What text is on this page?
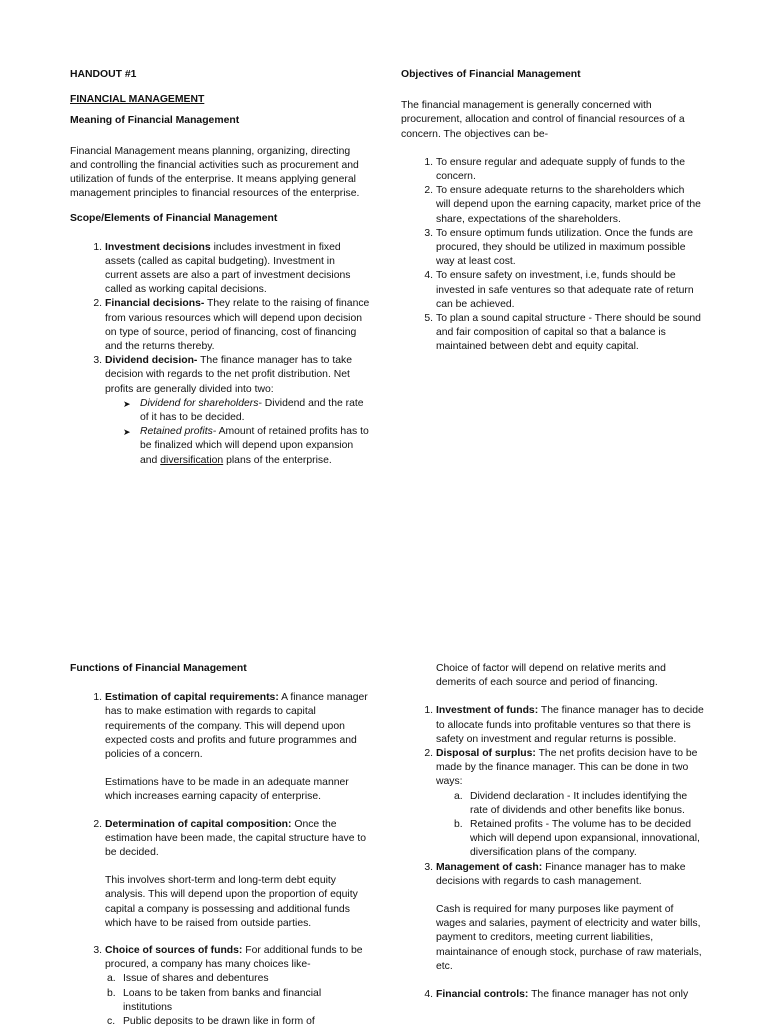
HANDOUT #1

FINANCIAL MANAGEMENT

Meaning of Financial Management

Financial Management means planning, organizing, directing and controlling the financial activities such as procurement and utilization of funds of the enterprise. It means applying general management principles to financial resources of the enterprise.

Scope/Elements of Financial Management

1. Investment decisions includes investment in fixed assets (called as capital budgeting). Investment in current assets are also a part of investment decisions called as working capital decisions.
2. Financial decisions- They relate to the raising of finance from various resources which will depend upon decision on type of source, period of financing, cost of financing and the returns thereby.
3. Dividend decision- The finance manager has to take decision with regards to the net profit distribution. Net profits are generally divided into two:
➤ Dividend for shareholders- Dividend and the rate of it has to be decided.
➤ Retained profits- Amount of retained profits has to be finalized which will depend upon expansion and diversification plans of the enterprise.

Objectives of Financial Management

The financial management is generally concerned with procurement, allocation and control of financial resources of a concern. The objectives can be-

1. To ensure regular and adequate supply of funds to the concern.
2. To ensure adequate returns to the shareholders which will depend upon the earning capacity, market price of the share, expectations of the shareholders.
3. To ensure optimum funds utilization. Once the funds are procured, they should be utilized in maximum possible way at least cost.
4. To ensure safety on investment, i.e, funds should be invested in safe ventures so that adequate rate of return can be achieved.
5. To plan a sound capital structure - There should be sound and fair composition of capital so that a balance is maintained between debt and equity capital.

Functions of Financial Management

1. Estimation of capital requirements: A finance manager has to make estimation with regards to capital requirements of the company. This will depend upon expected costs and profits and future programmes and policies of a concern.

Estimations have to be made in an adequate manner which increases earning capacity of enterprise.

2. Determination of capital composition: Once the estimation have been made, the capital structure have to be decided.

This involves short-term and long-term debt equity analysis. This will depend upon the proportion of equity capital a company is possessing and additional funds which have to be raised from outside parties.

3. Choice of sources of funds: For additional funds to be procured, a company has many choices like-
a. Issue of shares and debentures
b. Loans to be taken from banks and financial institutions
c. Public deposits to be drawn like in form of

Choice of factor will depend on relative merits and demerits of each source and period of financing.

1. Investment of funds: The finance manager has to decide to allocate funds into profitable ventures so that there is safety on investment and regular returns is possible.
2. Disposal of surplus: The net profits decision have to be made by the finance manager. This can be done in two ways:
a. Dividend declaration - It includes identifying the rate of dividends and other benefits like bonus.
b. Retained profits - The volume has to be decided which will depend upon expansional, innovational, diversification plans of the company.
3. Management of cash: Finance manager has to make decisions with regards to cash management.

Cash is required for many purposes like payment of wages and salaries, payment of electricity and water bills, payment to creditors, meeting current liabilities, maintainance of enough stock, purchase of raw materials, etc.

4. Financial controls: The finance manager has not only
